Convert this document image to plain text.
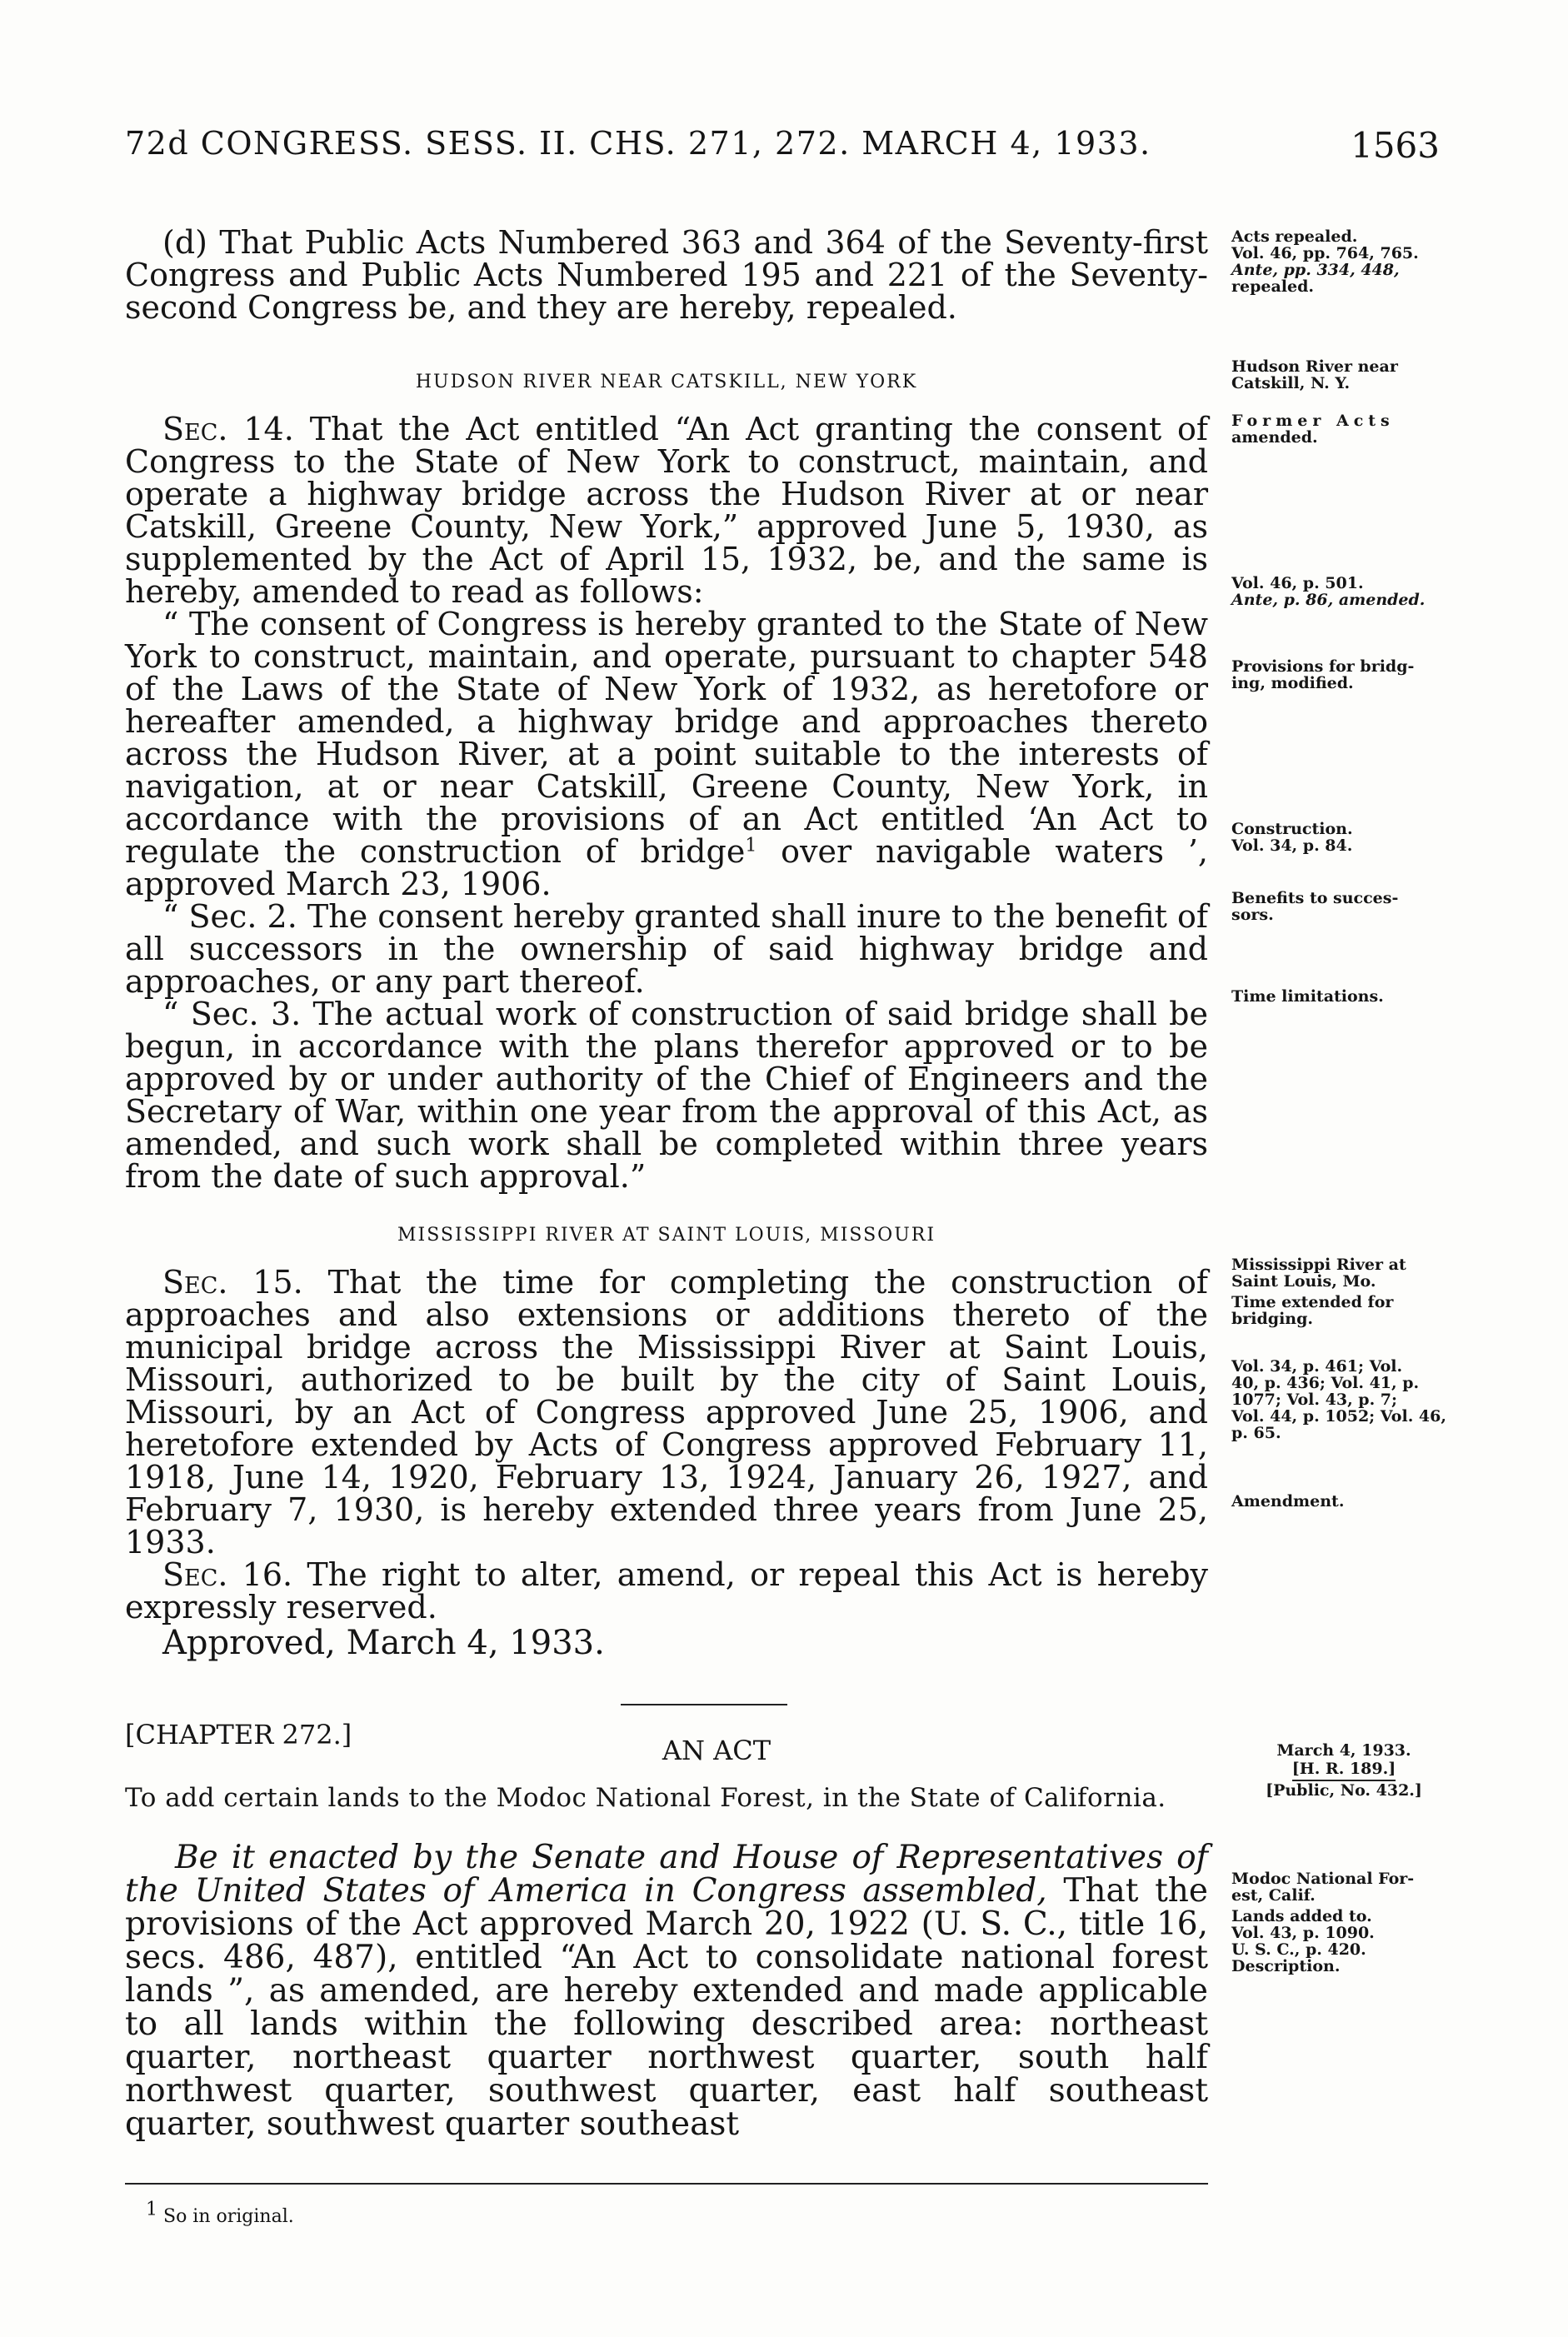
72d CONGRESS. SESS. II. CHS. 271, 272. MARCH 4, 1933.	1563

(d) That Public Acts Numbered 363 and 364 of the Seventy-first Congress and Public Acts Numbered 195 and 221 of the Seventy-second Congress be, and they are hereby, repealed.

Acts repealed.
Vol. 46, pp. 764, 765.
Ante, pp. 334, 448,
repealed.
HUDSON RIVER NEAR CATSKILL, NEW YORK
Hudson River near
Catskill, N. Y.
Former Acts
amended.

Sec. 14. That the Act entitled “An Act granting the consent of Congress to the State of New York to construct, maintain, and operate a highway bridge across the Hudson River at or near Catskill, Greene County, New York,” approved June 5, 1930, as supplemented by the Act of April 15, 1932, be, and the same is hereby, amended to read as follows:

“ The consent of Congress is hereby granted to the State of New York to construct, maintain, and operate, pursuant to chapter 548 of the Laws of the State of New York of 1932, as heretofore or hereafter amended, a highway bridge and approaches thereto across the Hudson River, at a point suitable to the interests of navigation, at or near Catskill, Greene County, New York, in accordance with the provisions of an Act entitled ‘An Act to regulate the construction of bridge$^1$ over navigable waters ’, approved March 23, 1906.

“ Sec. 2. The consent hereby granted shall inure to the benefit of all successors in the ownership of said highway bridge and approaches, or any part thereof.

“ Sec. 3. The actual work of construction of said bridge shall be begun, in accordance with the plans therefor approved or to be approved by or under authority of the Chief of Engineers and the Secretary of War, within one year from the approval of this Act, as amended, and such work shall be completed within three years from the date of such approval.”

Vol. 46, p. 501.
Ante, p. 86, amended.
Provisions for bridg-
ing, modified.
Construction.
Vol. 34, p. 84.
Benefits to succes-
sors.
Time limitations.
MISSISSIPPI RIVER AT SAINT LOUIS, MISSOURI

Sec. 15. That the time for completing the construction of approaches and also extensions or additions thereto of the municipal bridge across the Mississippi River at Saint Louis, Missouri, authorized to be built by the city of Saint Louis, Missouri, by an Act of Congress approved June 25, 1906, and heretofore extended by Acts of Congress approved February 11, 1918, June 14, 1920, February 13, 1924, January 26, 1927, and February 7, 1930, is hereby extended three years from June 25, 1933.

Sec. 16. The right to alter, amend, or repeal this Act is hereby expressly reserved.

Approved, March 4, 1933.

Mississippi River at
Saint Louis, Mo.
Time extended for
bridging.
Vol. 34, p. 461; Vol.
40, p. 436; Vol. 41, p.
1077; Vol. 43, p. 7;
Vol. 44, p. 1052; Vol. 46,
p. 65.
Amendment.
[CHAPTER 272.]	AN ACT
To add certain lands to the Modoc National Forest, in the State of California.
March 4, 1933.
[H. R. 189.]
[Public, No. 432.]

Be it enacted by the Senate and House of Representatives of the United States of America in Congress assembled, That the provisions of the Act approved March 20, 1922 (U. S. C., title 16, secs. 486, 487), entitled “An Act to consolidate national forest lands ”, as amended, are hereby extended and made applicable to all lands within the following described area: northeast quarter, northeast quarter northwest quarter, south half northwest quarter, southwest quarter, east half southeast quarter, southwest quarter southeast

Modoc National For-
est, Calif.
Lands added to.
Vol. 43, p. 1090.
U. S. C., p. 420.
Description.
$^1$ So in original.
